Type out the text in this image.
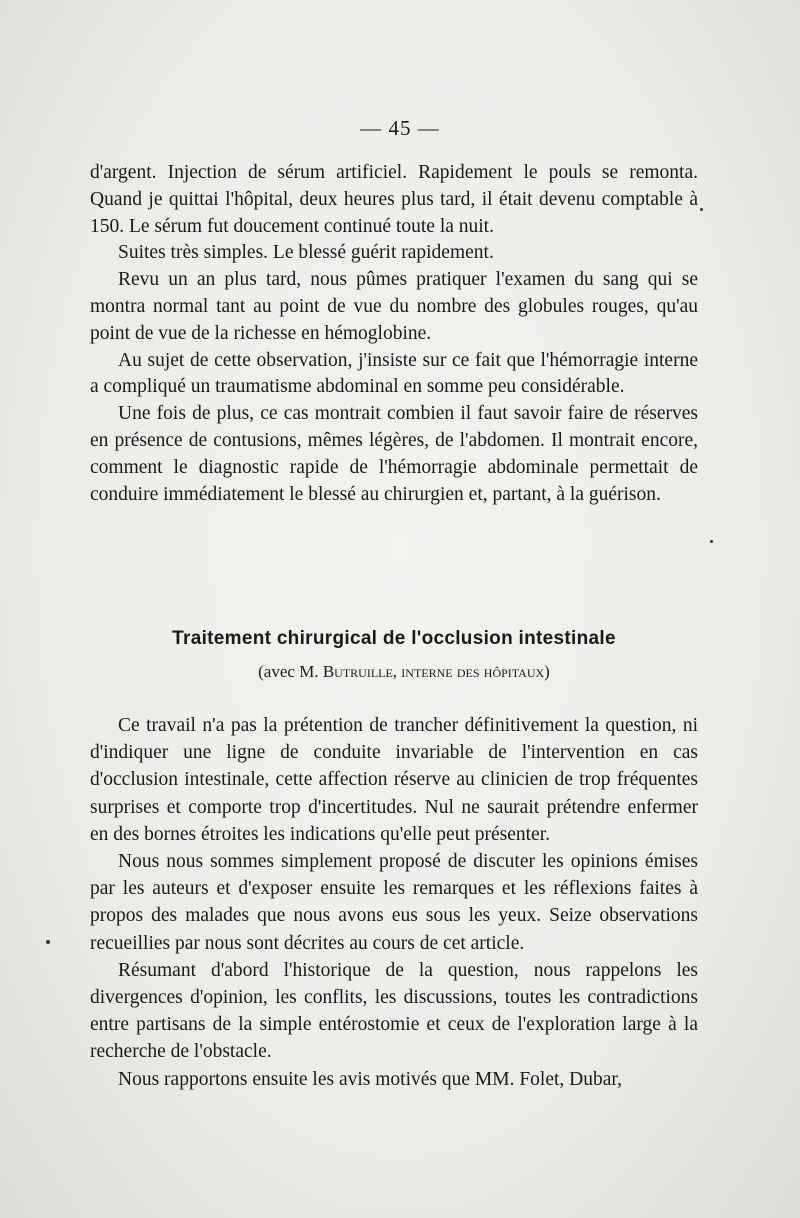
— 45 —

d'argent. Injection de sérum artificiel. Rapidement le pouls se remonta. Quand je quittai l'hôpital, deux heures plus tard, il était devenu comptable à 150. Le sérum fut doucement continué toute la nuit.

Suites très simples. Le blessé guérit rapidement.

Revu un an plus tard, nous pûmes pratiquer l'examen du sang qui se montra normal tant au point de vue du nombre des globules rouges, qu'au point de vue de la richesse en hémoglobine.

Au sujet de cette observation, j'insiste sur ce fait que l'hémorragie interne a compliqué un traumatisme abdominal en somme peu considérable.

Une fois de plus, ce cas montrait combien il faut savoir faire de réserves en présence de contusions, mêmes légères, de l'abdomen. Il montrait encore, comment le diagnostic rapide de l'hémorragie abdominale permettait de conduire immédiatement le blessé au chirurgien et, partant, à la guérison.

Traitement chirurgical de l'occlusion intestinale
(avec M. Butruille, interne des hôpitaux)

Ce travail n'a pas la prétention de trancher définitivement la question, ni d'indiquer une ligne de conduite invariable de l'intervention en cas d'occlusion intestinale, cette affection réserve au clinicien de trop fréquentes surprises et comporte trop d'incertitudes. Nul ne saurait prétendre enfermer en des bornes étroites les indications qu'elle peut présenter.

Nous nous sommes simplement proposé de discuter les opinions émises par les auteurs et d'exposer ensuite les remarques et les réflexions faites à propos des malades que nous avons eus sous les yeux. Seize observations recueillies par nous sont décrites au cours de cet article.

Résumant d'abord l'historique de la question, nous rappelons les divergences d'opinion, les conflits, les discussions, toutes les contradictions entre partisans de la simple entérostomie et ceux de l'exploration large à la recherche de l'obstacle.

Nous rapportons ensuite les avis motivés que MM. Folet, Dubar,
